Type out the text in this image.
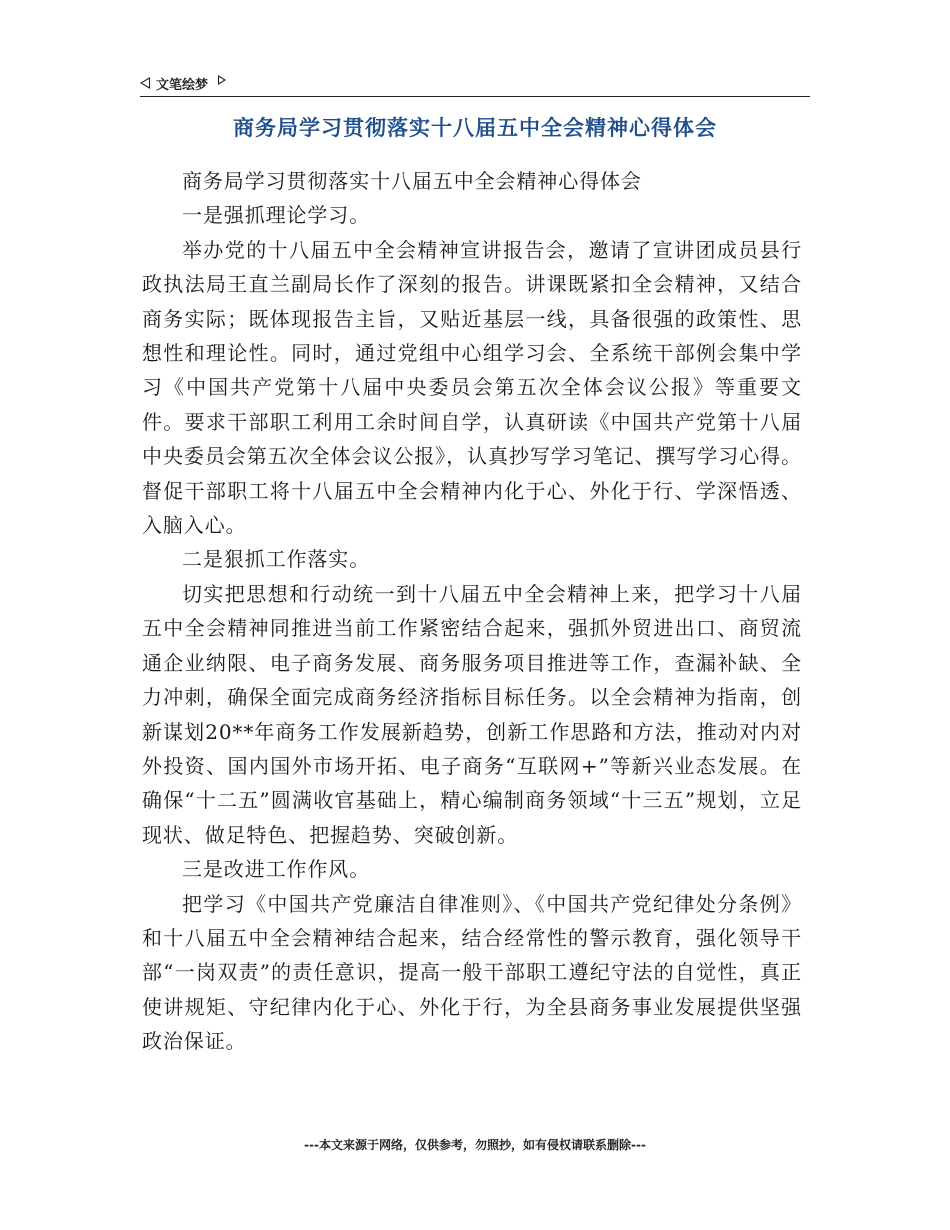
文笔绘梦
商务局学习贯彻落实十八届五中全会精神心得体会

商务局学习贯彻落实十八届五中全会精神心得体会

一是强抓理论学习。

举办党的十八届五中全会精神宣讲报告会，邀请了宣讲团成员县行政执法局王直兰副局长作了深刻的报告。讲课既紧扣全会精神，又结合商务实际；既体现报告主旨，又贴近基层一线，具备很强的政策性、思想性和理论性。同时，通过党组中心组学习会、全系统干部例会集中学习《中国共产党第十八届中央委员会第五次全体会议公报》等重要文件。要求干部职工利用工余时间自学，认真研读《中国共产党第十八届中央委员会第五次全体会议公报》，认真抄写学习笔记、撰写学习心得。督促干部职工将十八届五中全会精神内化于心、外化于行、学深悟透、入脑入心。

二是狠抓工作落实。

切实把思想和行动统一到十八届五中全会精神上来，把学习十八届五中全会精神同推进当前工作紧密结合起来，强抓外贸进出口、商贸流通企业纳限、电子商务发展、商务服务项目推进等工作，查漏补缺、全力冲刺，确保全面完成商务经济指标目标任务。以全会精神为指南，创新谋划20**年商务工作发展新趋势，创新工作思路和方法，推动对内对外投资、国内国外市场开拓、电子商务“互联网+”等新兴业态发展。在确保“十二五”圆满收官基础上，精心编制商务领域“十三五”规划，立足现状、做足特色、把握趋势、突破创新。

三是改进工作作风。

把学习《中国共产党廉洁自律准则》、《中国共产党纪律处分条例》和十八届五中全会精神结合起来，结合经常性的警示教育，强化领导干部“一岗双责”的责任意识，提高一般干部职工遵纪守法的自觉性，真正使讲规矩、守纪律内化于心、外化于行，为全县商务事业发展提供坚强政治保证。

---本文来源于网络，仅供参考，勿照抄，如有侵权请联系删除---
